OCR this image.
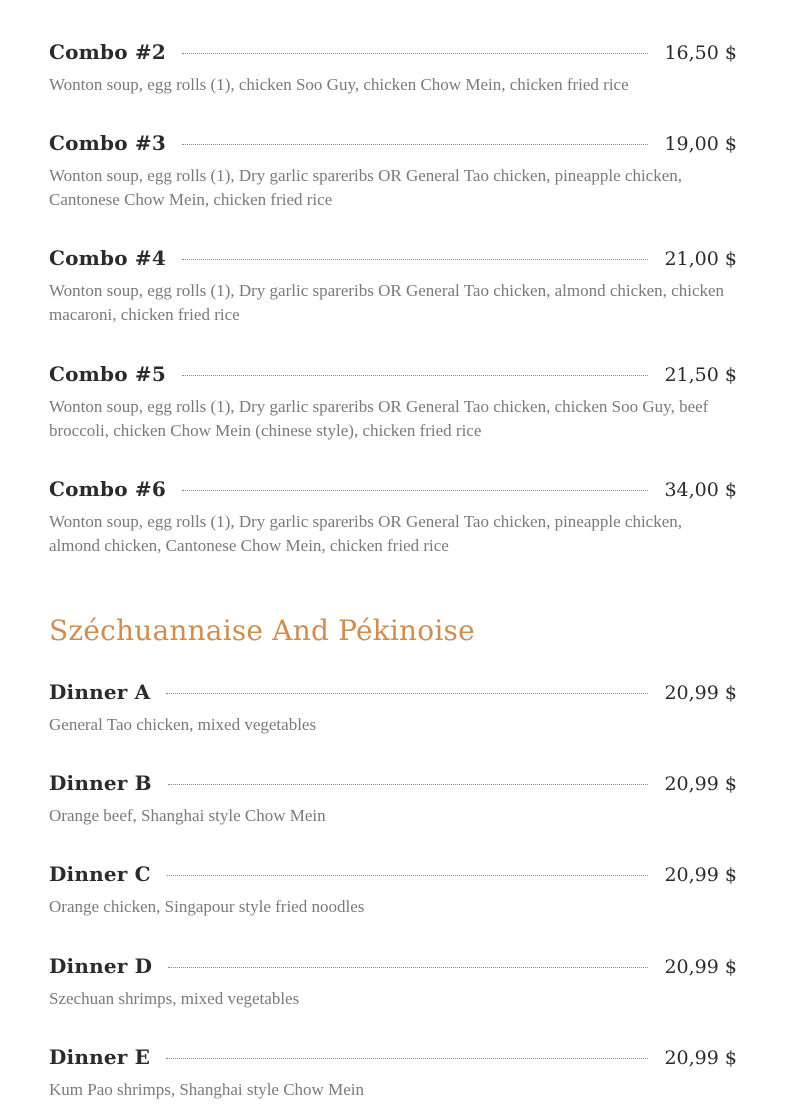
Combo #2	16,50 $
Wonton soup, egg rolls (1), chicken Soo Guy, chicken Chow Mein, chicken fried rice
Combo #3	19,00 $
Wonton soup, egg rolls (1), Dry garlic spareribs OR General Tao chicken, pineapple chicken, Cantonese Chow Mein, chicken fried rice
Combo #4	21,00 $
Wonton soup, egg rolls (1), Dry garlic spareribs OR General Tao chicken, almond chicken, chicken macaroni, chicken fried rice
Combo #5	21,50 $
Wonton soup, egg rolls (1), Dry garlic spareribs OR General Tao chicken, chicken Soo Guy, beef broccoli, chicken Chow Mein (chinese style), chicken fried rice
Combo #6	34,00 $
Wonton soup, egg rolls (1), Dry garlic spareribs OR General Tao chicken, pineapple chicken, almond chicken, Cantonese Chow Mein, chicken fried rice
Széchuannaise And Pékinoise
Dinner A	20,99 $
General Tao chicken, mixed vegetables
Dinner B	20,99 $
Orange beef, Shanghai style Chow Mein
Dinner C	20,99 $
Orange chicken, Singapour style fried noodles
Dinner D	20,99 $
Szechuan shrimps, mixed vegetables
Dinner E	20,99 $
Kum Pao shrimps, Shanghai style Chow Mein
